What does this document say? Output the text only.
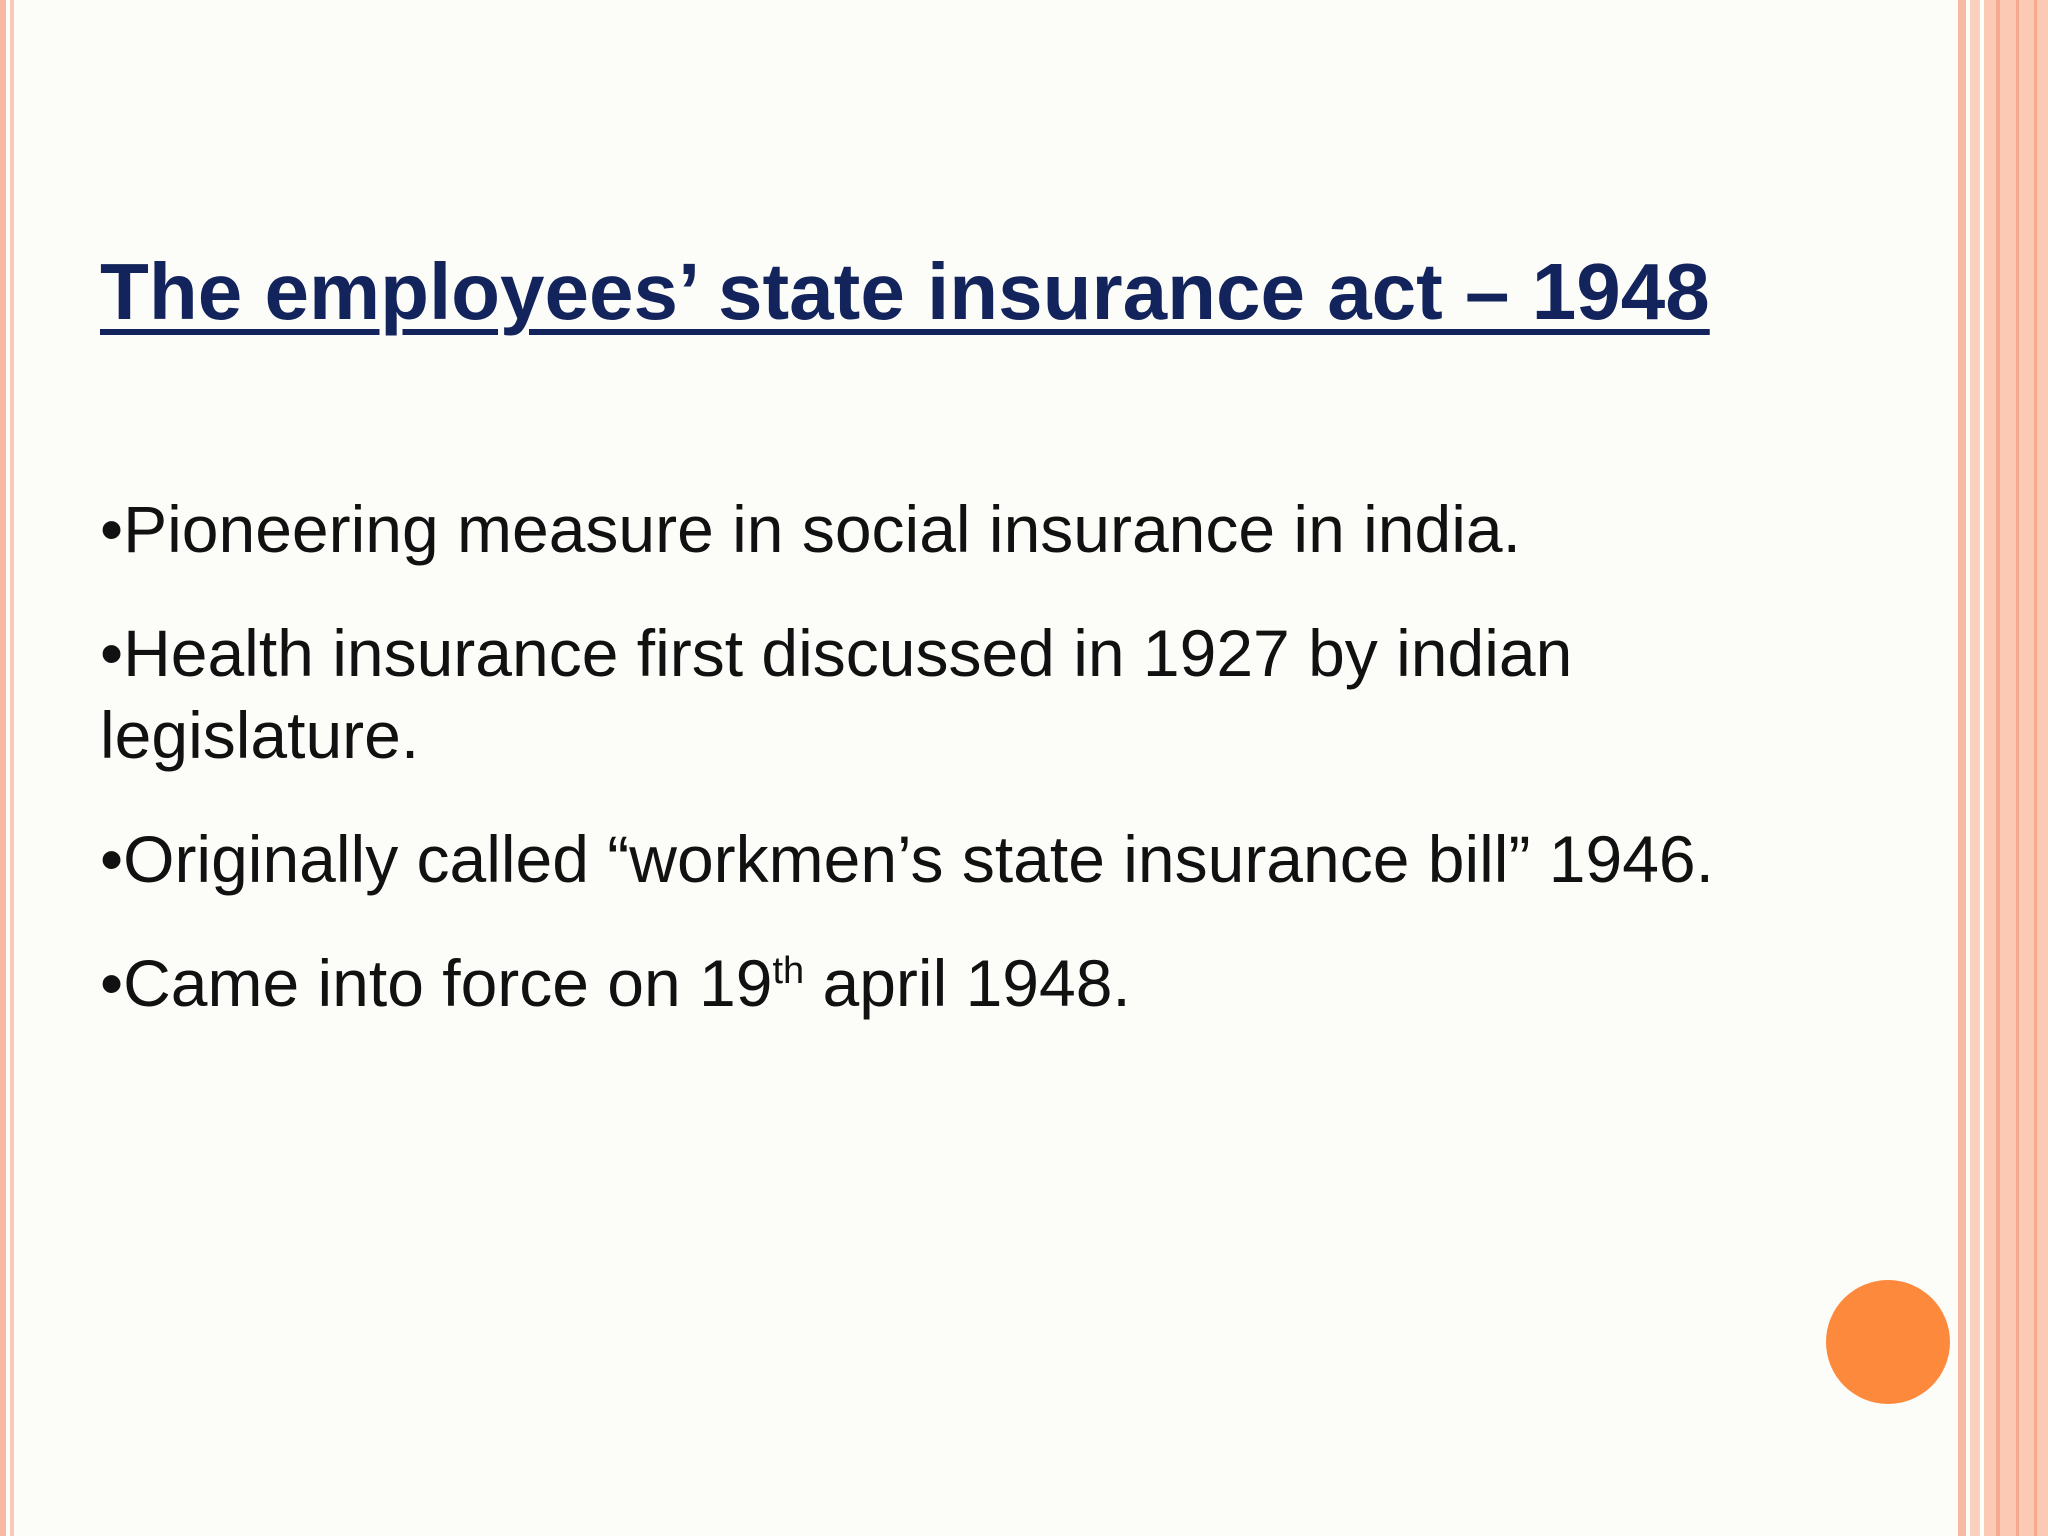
The employees’ state insurance act – 1948
•Pioneering measure in social insurance in india.
•Health insurance first discussed in 1927 by indian legislature.
•Originally called “workmen’s state insurance bill” 1946.
•Came into force on 19th april 1948.
